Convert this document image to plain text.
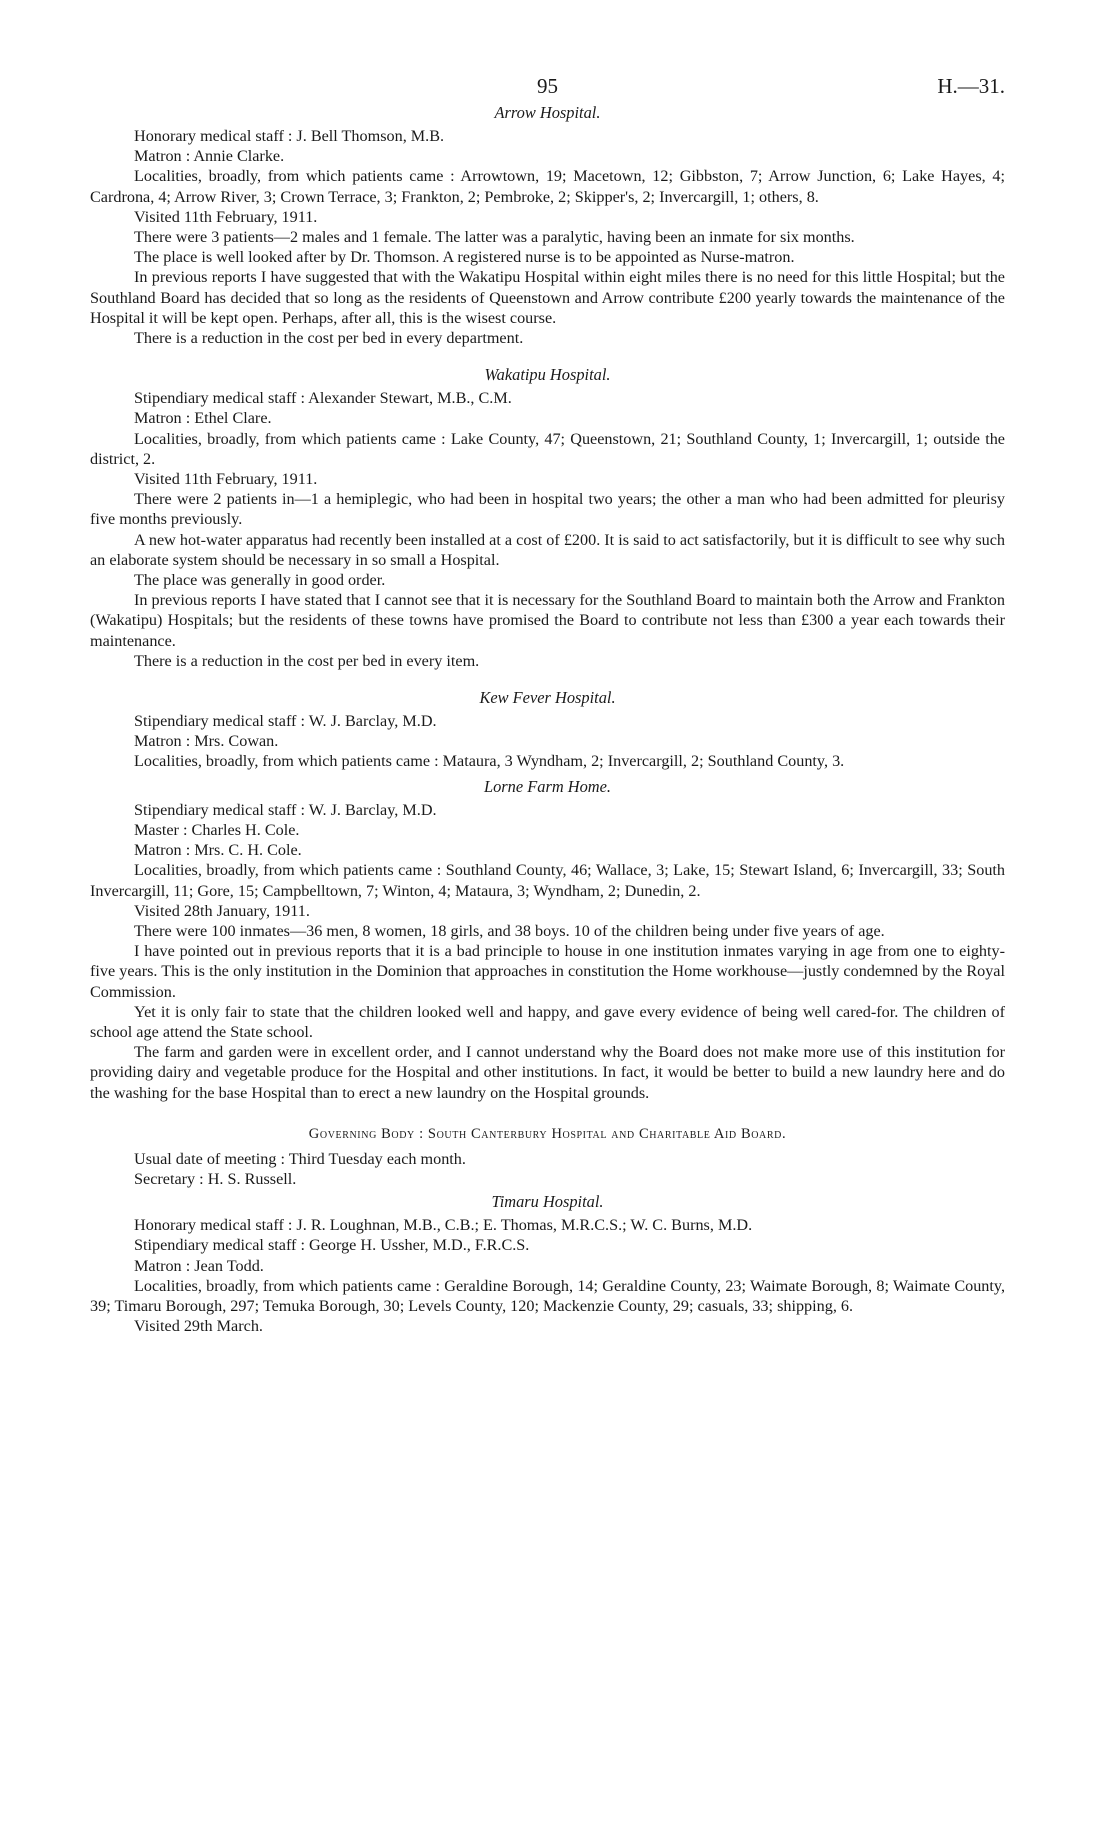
95	H.—31.
Arrow Hospital.

Honorary medical staff : J. Bell Thomson, M.B.

Matron : Annie Clarke.

Localities, broadly, from which patients came : Arrowtown, 19; Macetown, 12; Gibbston, 7; Arrow Junction, 6; Lake Hayes, 4; Cardrona, 4; Arrow River, 3; Crown Terrace, 3; Frankton, 2; Pembroke, 2; Skipper's, 2; Invercargill, 1; others, 8.

Visited 11th February, 1911.

There were 3 patients—2 males and 1 female. The latter was a paralytic, having been an inmate for six months.

The place is well looked after by Dr. Thomson. A registered nurse is to be appointed as Nurse-matron.

In previous reports I have suggested that with the Wakatipu Hospital within eight miles there is no need for this little Hospital; but the Southland Board has decided that so long as the residents of Queenstown and Arrow contribute £200 yearly towards the maintenance of the Hospital it will be kept open. Perhaps, after all, this is the wisest course.

There is a reduction in the cost per bed in every department.

Wakatipu Hospital.

Stipendiary medical staff : Alexander Stewart, M.B., C.M.

Matron : Ethel Clare.

Localities, broadly, from which patients came : Lake County, 47; Queenstown, 21; Southland County, 1; Invercargill, 1; outside the district, 2.

Visited 11th February, 1911.

There were 2 patients in—1 a hemiplegic, who had been in hospital two years; the other a man who had been admitted for pleurisy five months previously.

A new hot-water apparatus had recently been installed at a cost of £200. It is said to act satisfactorily, but it is difficult to see why such an elaborate system should be necessary in so small a Hospital.

The place was generally in good order.

In previous reports I have stated that I cannot see that it is necessary for the Southland Board to maintain both the Arrow and Frankton (Wakatipu) Hospitals; but the residents of these towns have promised the Board to contribute not less than £300 a year each towards their maintenance.

There is a reduction in the cost per bed in every item.

Kew Fever Hospital.

Stipendiary medical staff : W. J. Barclay, M.D.

Matron : Mrs. Cowan.

Localities, broadly, from which patients came : Mataura, 3 Wyndham, 2; Invercargill, 2; Southland County, 3.

Lorne Farm Home.

Stipendiary medical staff : W. J. Barclay, M.D.

Master : Charles H. Cole.

Matron : Mrs. C. H. Cole.

Localities, broadly, from which patients came : Southland County, 46; Wallace, 3; Lake, 15; Stewart Island, 6; Invercargill, 33; South Invercargill, 11; Gore, 15; Campbelltown, 7; Winton, 4; Mataura, 3; Wyndham, 2; Dunedin, 2.

Visited 28th January, 1911.

There were 100 inmates—36 men, 8 women, 18 girls, and 38 boys. 10 of the children being under five years of age.

I have pointed out in previous reports that it is a bad principle to house in one institution inmates varying in age from one to eighty-five years. This is the only institution in the Dominion that approaches in constitution the Home workhouse—justly condemned by the Royal Commission.

Yet it is only fair to state that the children looked well and happy, and gave every evidence of being well cared-for. The children of school age attend the State school.

The farm and garden were in excellent order, and I cannot understand why the Board does not make more use of this institution for providing dairy and vegetable produce for the Hospital and other institutions. In fact, it would be better to build a new laundry here and do the washing for the base Hospital than to erect a new laundry on the Hospital grounds.

Governing Body : South Canterbury Hospital and Charitable Aid Board.

Usual date of meeting : Third Tuesday each month.

Secretary : H. S. Russell.

Timaru Hospital.

Honorary medical staff : J. R. Loughnan, M.B., C.B.; E. Thomas, M.R.C.S.; W. C. Burns, M.D.

Stipendiary medical staff : George H. Ussher, M.D., F.R.C.S.

Matron : Jean Todd.

Localities, broadly, from which patients came : Geraldine Borough, 14; Geraldine County, 23; Waimate Borough, 8; Waimate County, 39; Timaru Borough, 297; Temuka Borough, 30; Levels County, 120; Mackenzie County, 29; casuals, 33; shipping, 6.

Visited 29th March.
